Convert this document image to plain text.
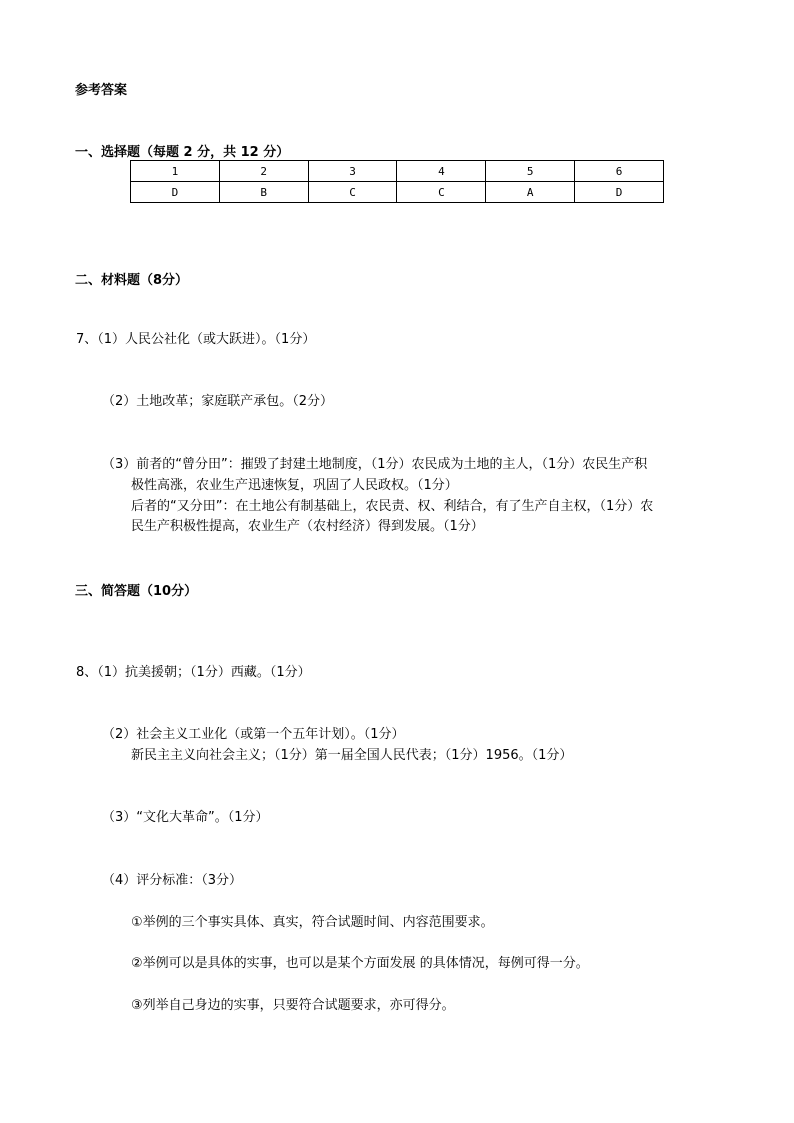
参考答案
一、选择题（每题 2 分，共 12 分）
1	2	3	4	5	6
D	B	C	C	A	D
二、材料题（8分）
7、（1）人民公社化（或大跃进）。（1分）
（2）土地改革；家庭联产承包。（2分）
（3）前者的“曾分田”：摧毁了封建土地制度，（1分）农民成为土地的主人，（1分）农民生产积
极性高涨，农业生产迅速恢复，巩固了人民政权。（1分）
后者的“又分田”：在土地公有制基础上，农民责、权、利结合，有了生产自主权，（1分）农
民生产积极性提高，农业生产（农村经济）得到发展。（1分）
三、简答题（10分）
8、（1）抗美援朝；（1分）西藏。（1分）
（2）社会主义工业化（或第一个五年计划）。（1分）
新民主主义向社会主义；（1分）第一届全国人民代表；（1分）1956。（1分）
（3）“文化大革命”。（1分）
（4）评分标准：（3分）
①举例的三个事实具体、真实，符合试题时间、内容范围要求。
②举例可以是具体的实事，也可以是某个方面发展 的具体情况，每例可得一分。
③列举自己身边的实事，只要符合试题要求，亦可得分。
